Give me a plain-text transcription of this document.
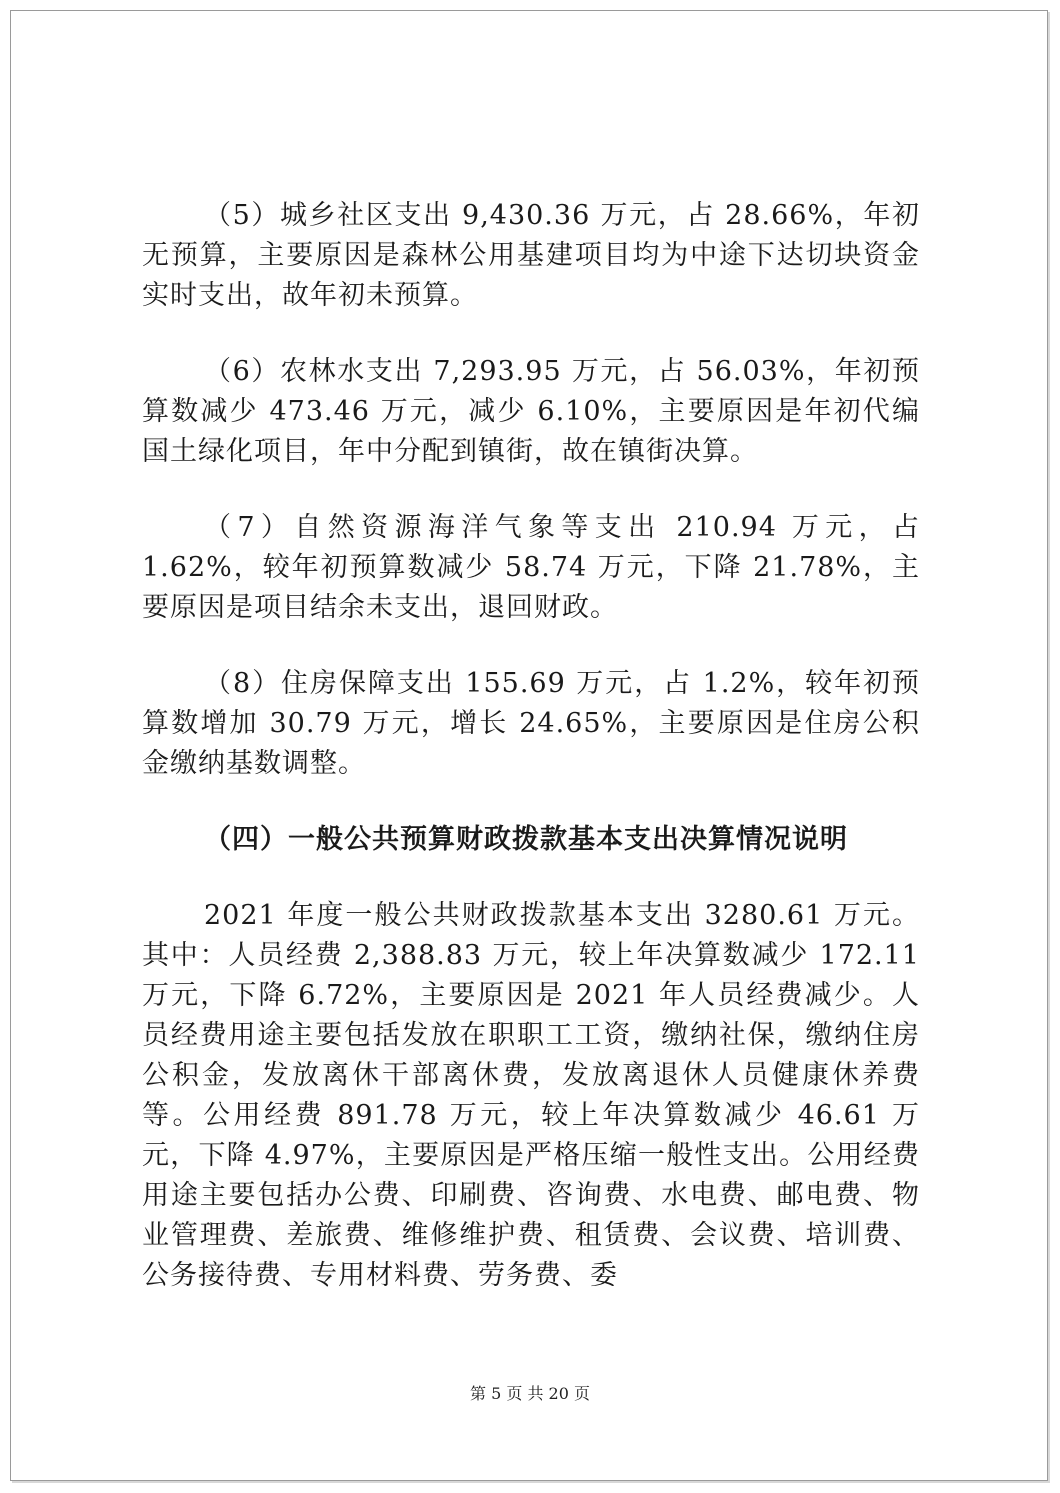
（5）城乡社区支出 9,430.36 万元，占 28.66%，年初无预算，主要原因是森林公用基建项目均为中途下达切块资金实时支出，故年初未预算。

（6）农林水支出 7,293.95 万元，占 56.03%，年初预算数减少 473.46 万元，减少 6.10%，主要原因是年初代编国土绿化项目，年中分配到镇街，故在镇街决算。

（7）自然资源海洋气象等支出 210.94 万元，占 1.62%，较年初预算数减少 58.74 万元，下降 21.78%，主要原因是项目结余未支出，退回财政。

（8）住房保障支出 155.69 万元，占 1.2%，较年初预算数增加 30.79 万元，增长 24.65%，主要原因是住房公积金缴纳基数调整。

（四）一般公共预算财政拨款基本支出决算情况说明

2021 年度一般公共财政拨款基本支出 3280.61 万元。其中：人员经费 2,388.83 万元，较上年决算数减少 172.11 万元，下降 6.72%，主要原因是 2021 年人员经费减少。人员经费用途主要包括发放在职职工工资，缴纳社保，缴纳住房公积金，发放离休干部离休费，发放离退休人员健康休养费等。公用经费 891.78 万元，较上年决算数减少 46.61 万元，下降 4.97%，主要原因是严格压缩一般性支出。公用经费用途主要包括办公费、印刷费、咨询费、水电费、邮电费、物业管理费、差旅费、维修维护费、租赁费、会议费、培训费、公务接待费、专用材料费、劳务费、委

第 5 页 共 20 页
